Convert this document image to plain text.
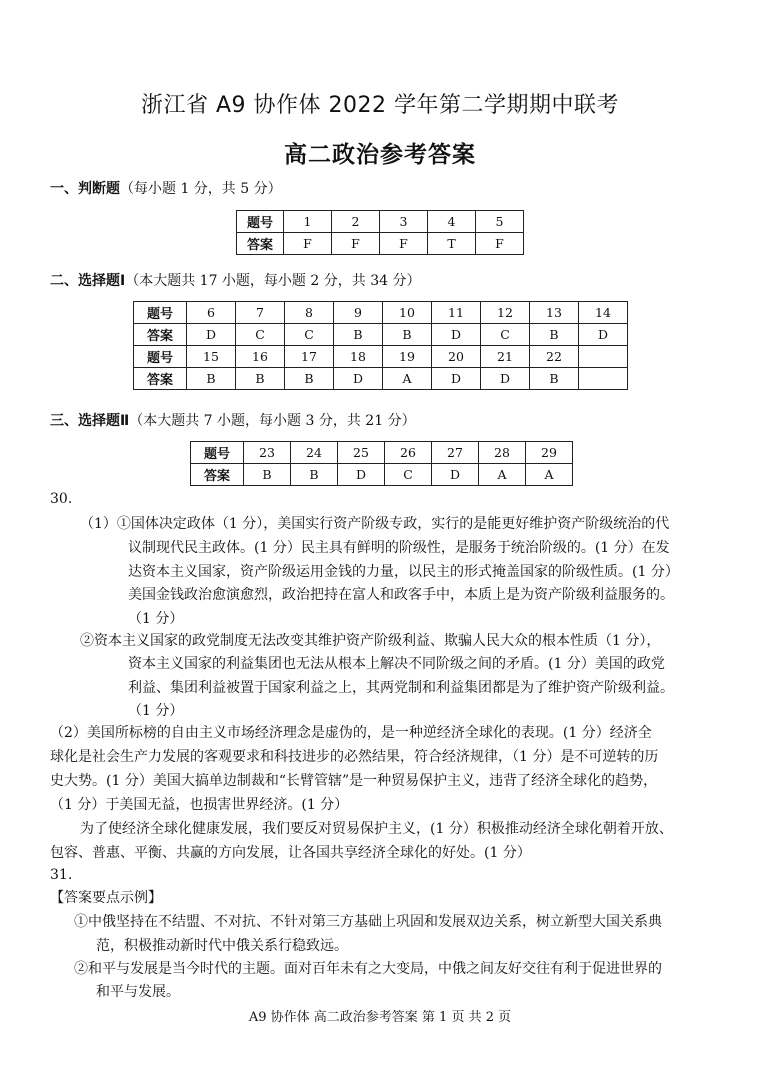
浙江省 A9 协作体 2022 学年第二学期期中联考
高二政治参考答案
一、判断题（每小题 1 分，共 5 分）
题号	1	2	3	4	5
答案	F	F	F	T	F
二、选择题Ⅰ（本大题共 17 小题，每小题 2 分，共 34 分）
题号	6	7	8	9	10	11	12	13	14
答案	D	C	C	B	B	D	C	B	D
题号	15	16	17	18	19	20	21	22	
答案	B	B	B	D	A	D	D	B	
三、选择题Ⅱ（本大题共 7 小题，每小题 3 分，共 21 分）
题号	23	24	25	26	27	28	29
答案	B	B	D	C	D	A	A
30.
（1）①国体决定政体（1 分），美国实行资产阶级专政，实行的是能更好维护资产阶级统治的代
议制现代民主政体。(1 分）民主具有鲜明的阶级性，是服务于统治阶级的。(1 分）在发
达资本主义国家，资产阶级运用金钱的力量，以民主的形式掩盖国家的阶级性质。(1 分）
美国金钱政治愈演愈烈，政治把持在富人和政客手中，本质上是为资产阶级利益服务的。
（1 分）
②资本主义国家的政党制度无法改变其维护资产阶级利益、欺骗人民大众的根本性质（1 分），
资本主义国家的利益集团也无法从根本上解决不同阶级之间的矛盾。(1 分）美国的政党
利益、集团利益被置于国家利益之上，其两党制和利益集团都是为了维护资产阶级利益。
（1 分）
（2）美国所标榜的自由主义市场经济理念是虚伪的，是一种逆经济全球化的表现。(1 分）经济全
球化是社会生产力发展的客观要求和科技进步的必然结果，符合经济规律，（1 分）是不可逆转的历
史大势。(1 分）美国大搞单边制裁和“长臂管辖”是一种贸易保护主义，违背了经济全球化的趋势，
（1 分）于美国无益，也损害世界经济。(1 分）
为了使经济全球化健康发展，我们要反对贸易保护主义，(1 分）积极推动经济全球化朝着开放、
包容、普惠、平衡、共赢的方向发展，让各国共享经济全球化的好处。(1 分）
31.
【答案要点示例】
①中俄坚持在不结盟、不对抗、不针对第三方基础上巩固和发展双边关系，树立新型大国关系典
范，积极推动新时代中俄关系行稳致远。
②和平与发展是当今时代的主题。面对百年未有之大变局，中俄之间友好交往有利于促进世界的
和平与发展。
A9 协作体 高二政治参考答案 第 1 页 共 2 页
